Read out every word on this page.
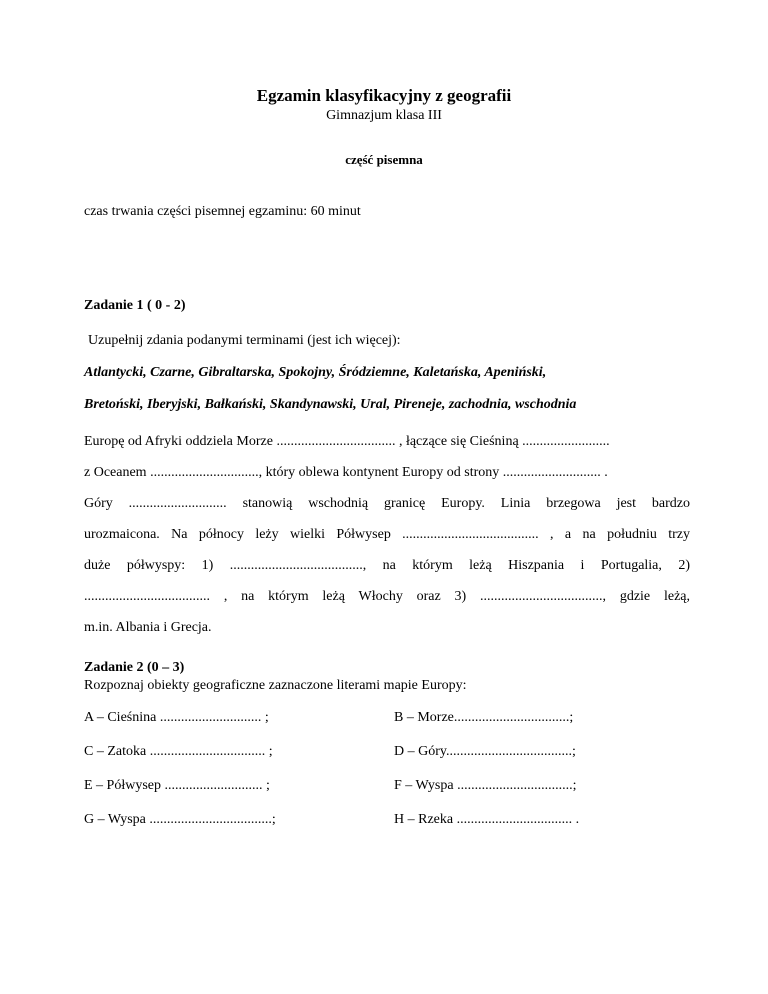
Egzamin klasyfikacyjny z geografii

Gimnazjum klasa III

część pisemna

czas trwania części pisemnej egzaminu: 60 minut

Zadanie 1 ( 0 - 2)

Uzupełnij zdania podanymi terminami (jest ich więcej):

Atlantycki, Czarne, Gibraltarska, Spokojny, Śródziemne, Kaletańska, Apeniński,
Bretoński, Iberyjski, Bałkański, Skandynawski, Ural, Pireneje, zachodnia, wschodnia
Europę od Afryki oddziela Morze .................................. , łączące się Cieśniną .........................
z Oceanem ..............................., który oblewa kontynent Europy od strony ............................ .
Góry ............................ stanowią wschodnią granicę Europy. Linia brzegowa jest bardzo
urozmaicona. Na północy leży wielki Półwysep ....................................... , a na południu trzy
duże półwyspy: 1) ......................................, na którym leżą Hiszpania i Portugalia, 2)
.................................... , na którym leżą Włochy oraz 3) ..................................., gdzie leżą,
m.in. Albania i Grecja.

Zadanie 2 (0 – 3)

Rozpoznaj obiekty geograficzne zaznaczone literami mapie Europy:

A – Cieśnina ............................. ;	B – Morze.................................;
C – Zatoka ................................. ;	D – Góry....................................;
E – Półwysep ............................ ;	F – Wyspa .................................;
G – Wyspa ...................................;	H – Rzeka ................................. .
